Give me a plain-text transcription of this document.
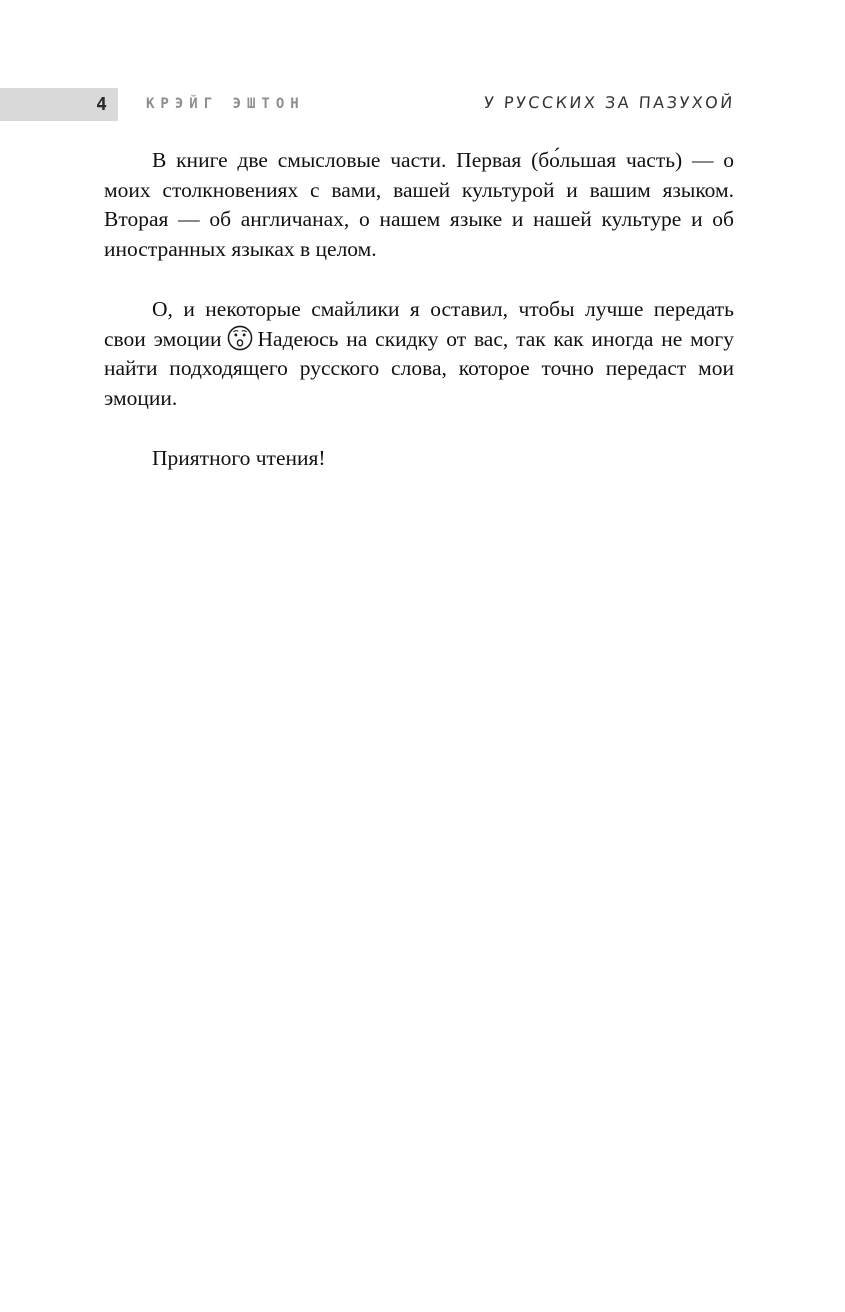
4	КРЭЙГ ЭШТОН	У РУССКИХ ЗА ПАЗУХОЙ

В книге две смысловые части. Первая (бо́льшая часть) — о моих столкновениях с вами, вашей культурой и вашим языком. Вторая — об англичанах, о нашем языке и нашей культуре и об иностранных языках в целом.

О, и некоторые смайлики я оставил, чтобы лучше передать свои эмоции Надеюсь на скидку от вас, так как иногда не могу найти подходящего русского слова, которое точно передаст мои эмоции.

Приятного чтения!
